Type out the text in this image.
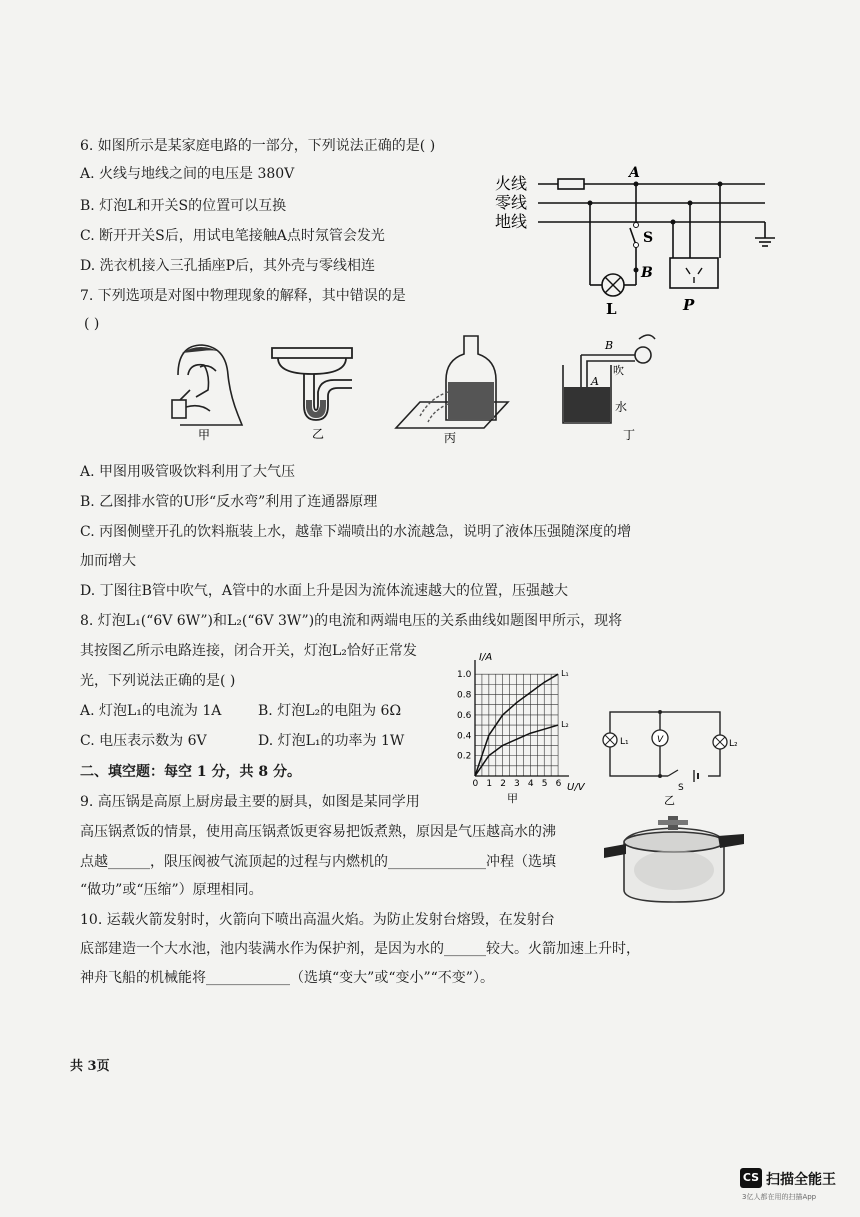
6. 如图所示是某家庭电路的一部分，下列说法正确的是( )
A. 火线与地线之间的电压是 380V
B. 灯泡L和开关S的位置可以互换
C. 断开开关S后，用试电笔接触A点时氖管会发光
D. 洗衣机接入三孔插座P后，其外壳与零线相连
火线
零线
地线
A
S
B
L	P
7. 下列选项是对图中物理现象的解释，其中错误的是
( )
甲	乙	丙
A
B
吹
水
丁
A. 甲图用吸管吸饮料利用了大气压
B. 乙图排水管的U形“反水弯”利用了连通器原理
C. 丙图侧壁开孔的饮料瓶装上水，越靠下端喷出的水流越急，说明了液体压强随深度的增
加而增大
D. 丁图往B管中吹气，A管中的水面上升是因为流体流速越大的位置，压强越大
8. 灯泡L₁(“6V 6W”)和L₂(“6V 3W”)的电流和两端电压的关系曲线如题图甲所示，现将
其按图乙所示电路连接，闭合开关，灯泡L₂恰好正常发
光，下列说法正确的是( )
A. 灯泡L₁的电流为 1A	B. 灯泡L₂的电阻为 6Ω
C. 电压表示数为 6V	D. 灯泡L₁的功率为 1W
L₁
L₂
0 1 2 3 4 5 6
0.2
0.4
0.6
0.8
1.0
I/A
U/V
甲
L₁	V	L₂
S
乙
二、填空题：每空 1 分，共 8 分。
9. 高压锅是高原上厨房最主要的厨具，如图是某同学用
高压锅煮饭的情景，使用高压锅煮饭更容易把饭煮熟，原因是气压越高水的沸
点越______，限压阀被气流顶起的过程与内燃机的______________冲程（选填
“做功”或“压缩”）原理相同。
10. 运载火箭发射时，火箭向下喷出高温火焰。为防止发射台熔毁，在发射台
底部建造一个大水池，池内装满水作为保护剂，是因为水的______较大。火箭加速上升时，
神舟飞船的机械能将____________（选填“变大”或“变小”“不变”）。
共 3页
CS 扫描全能王
3亿人都在用的扫描App
